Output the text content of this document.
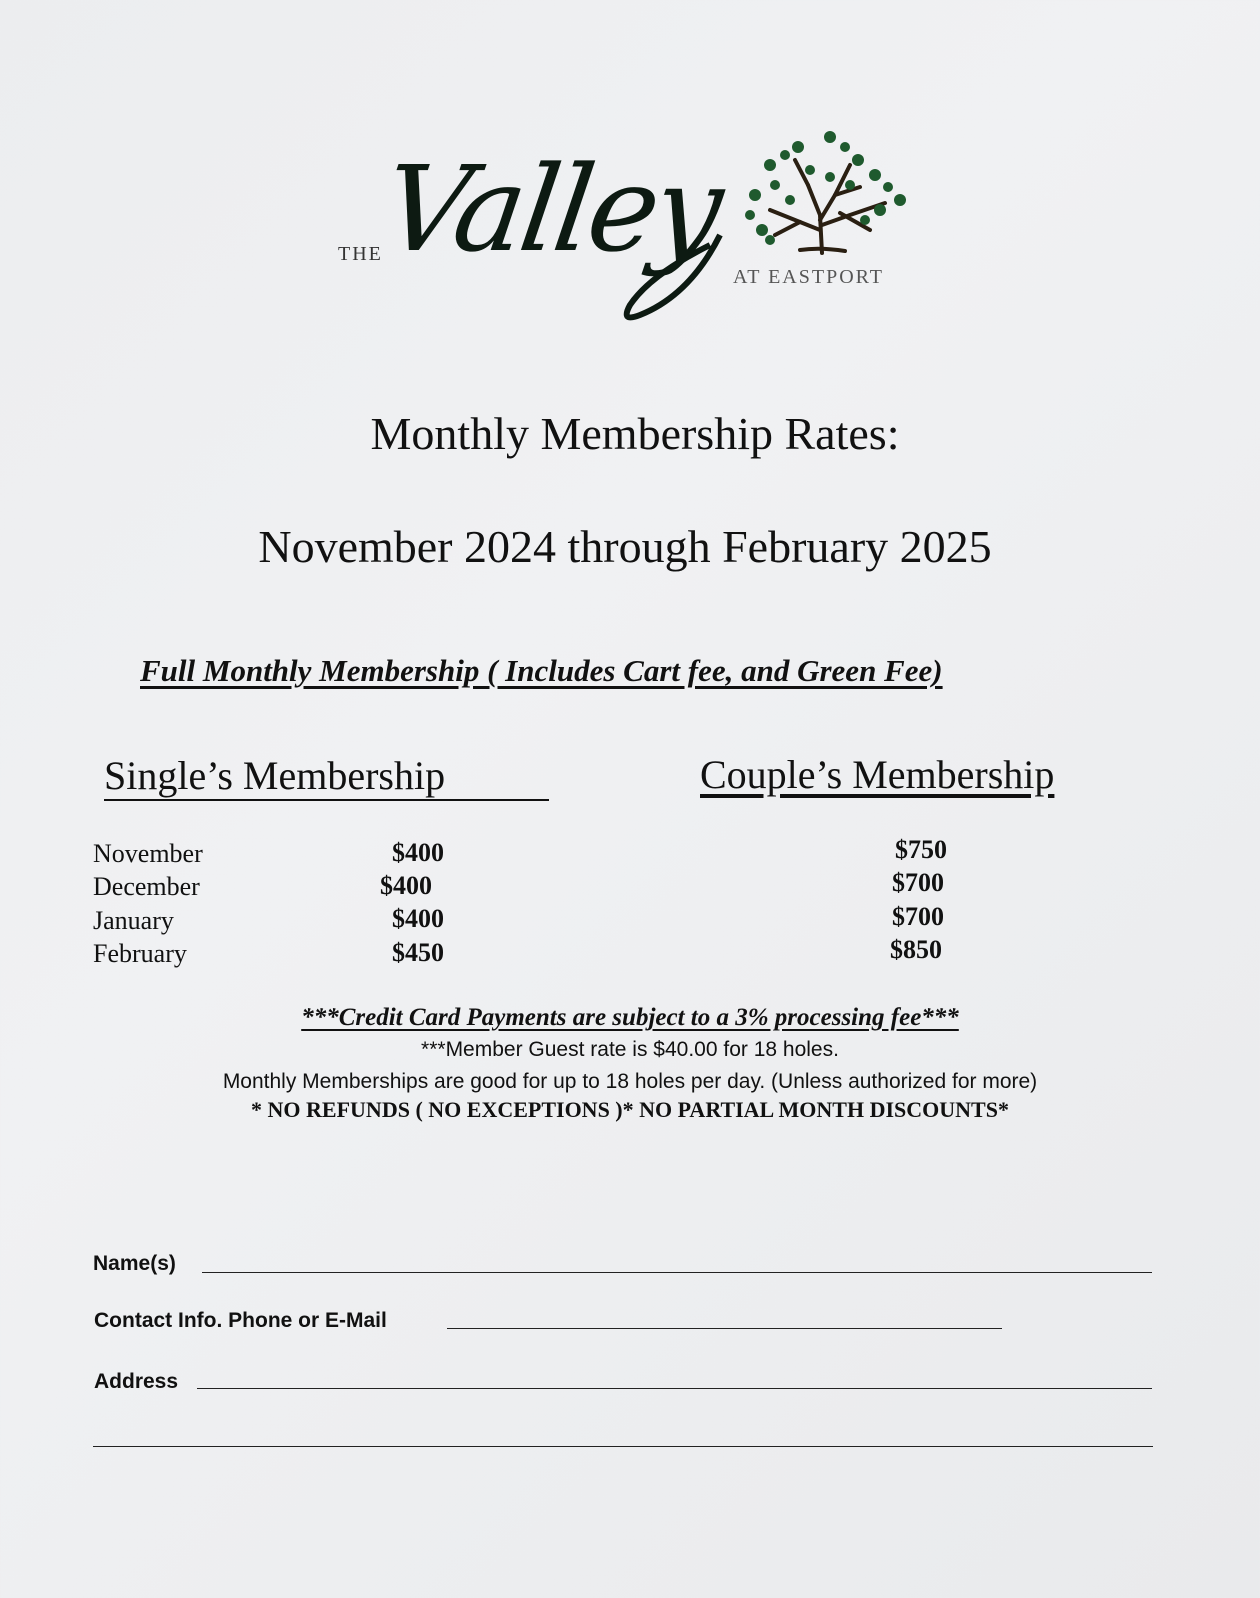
THE
Valley AT EASTPORT
Monthly Membership Rates:
November 2024 through February 2025
Full Monthly Membership ( Includes Cart fee, and Green Fee)
Single’s Membership	Couple’s Membership
November	$400	$750
December	$400	$700
January	$400	$700
February	$450	$850
***Credit Card Payments are subject to a 3% processing fee***
***Member Guest rate is $40.00 for 18 holes.
Monthly Memberships are good for up to 18 holes per day. (Unless authorized for more)
* NO REFUNDS ( NO EXCEPTIONS )* NO PARTIAL MONTH DISCOUNTS*
Name(s)
Contact Info. Phone or E-Mail
Address
